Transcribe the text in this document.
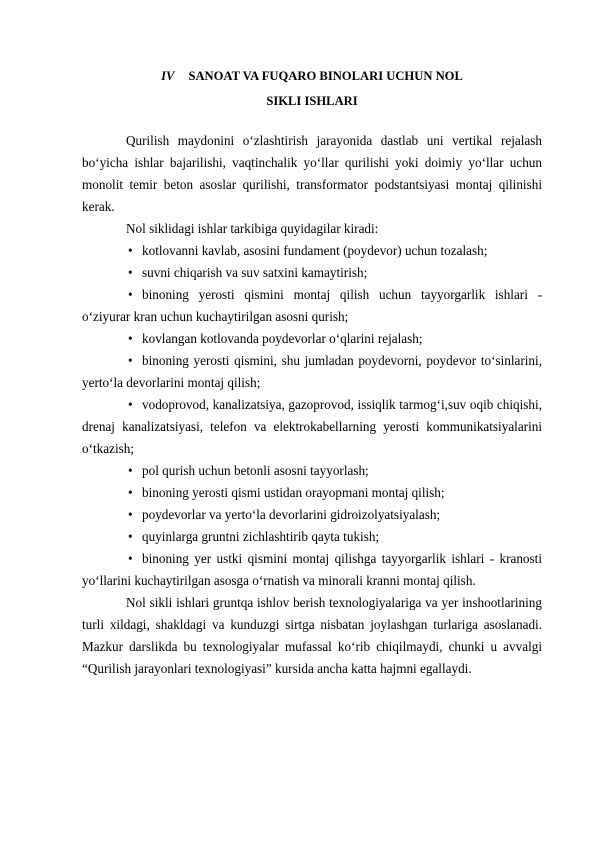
IV SANOAT VA FUQARO BINOLARI UCHUN NOL
SIKLI ISHLARI

Qurilish maydonini o‘zlashtirish jarayonida dastlab uni vertikal rejalash bo‘yicha ishlar bajarilishi, vaqtinchalik yo‘llar qurilishi yoki doimiy yo‘llar uchun monolit temir beton asoslar qurilishi, transformator podstantsiyasi montaj qilinishi kerak.

Nol siklidagi ishlar tarkibiga quyidagilar kiradi:

• kotlovanni kavlab, asosini fundament (poydevor) uchun tozalash;

• suvni chiqarish va suv satxini kamaytirish;

• binoning yerosti qismini montaj qilish uchun tayyorgarlik ishlari - o‘ziyurar kran uchun kuchaytirilgan asosni qurish;

• kovlangan kotlovanda poydevorlar o‘qlarini rejalash;

• binoning yerosti qismini, shu jumladan poydevorni, poydevor to‘sinlarini, yerto‘la devorlarini montaj qilish;

• vodoprovod, kanalizatsiya, gazoprovod, issiqlik tarmog‘i,suv oqib chiqishi, drenaj kanalizatsiyasi, telefon va elektrokabellarning yerosti kommunikatsiyalarini o‘tkazish;

• pol qurish uchun betonli asosni tayyorlash;

• binoning yerosti qismi ustidan orayopmani montaj qilish;

• poydevorlar va yerto‘la devorlarini gidroizolyatsiyalash;

• quyinlarga gruntni zichlashtirib qayta tukish;

• binoning yer ustki qismini montaj qilishga tayyorgarlik ishlari - kranosti yo‘llarini kuchaytirilgan asosga o‘rnatish va minorali kranni montaj qilish.

Nol sikli ishlari gruntqa ishlov berish texnologiyalariga va yer inshootlarining turli xildagi, shakldagi va kunduzgi sirtga nisbatan joylashgan turlariga asoslanadi. Mazkur darslikda bu texnologiyalar mufassal ko‘rib chiqilmaydi, chunki u avvalgi “Qurilish jarayonlari texnologiyasi” kursida ancha katta hajmni egallaydi.
